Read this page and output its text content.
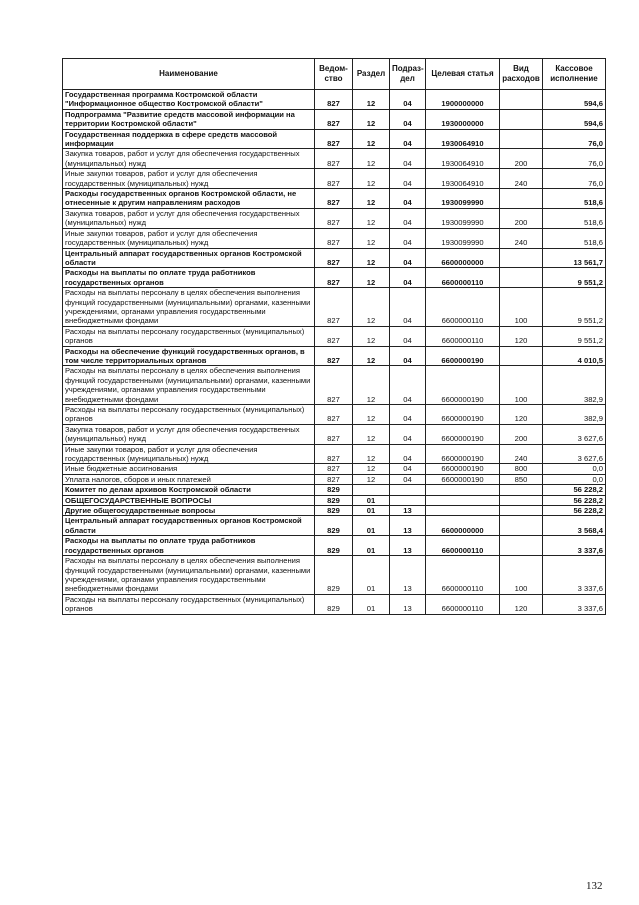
Наименование	Ведом-ство	Раздел	Подраз-дел	Целевая статья	Вид расходов	Кассовое исполнение
Государственная программа Костромской области "Информационное общество Костромской области"	827	12	04	1900000000		594,6
Подпрограмма "Развитие средств массовой информации на территории Костромской области"	827	12	04	1930000000		594,6
Государственная поддержка в сфере средств массовой информации	827	12	04	1930064910		76,0
Закупка товаров, работ и услуг для обеспечения государственных (муниципальных) нужд	827	12	04	1930064910	200	76,0
Иные закупки товаров, работ и услуг для обеспечения государственных (муниципальных) нужд	827	12	04	1930064910	240	76,0
Расходы государственных органов Костромской области, не отнесенные к другим направлениям расходов	827	12	04	1930099990		518,6
Закупка товаров, работ и услуг для обеспечения государственных (муниципальных) нужд	827	12	04	1930099990	200	518,6
Иные закупки товаров, работ и услуг для обеспечения государственных (муниципальных) нужд	827	12	04	1930099990	240	518,6
Центральный аппарат государственных органов Костромской области	827	12	04	6600000000		13 561,7
Расходы на выплаты по оплате труда работников государственных органов	827	12	04	6600000110		9 551,2
Расходы на выплаты персоналу в целях обеспечения выполнения функций государственными (муниципальными) органами, казенными учреждениями, органами управления государственными внебюджетными фондами	827	12	04	6600000110	100	9 551,2
Расходы на выплаты персоналу государственных (муниципальных) органов	827	12	04	6600000110	120	9 551,2
Расходы на обеспечение функций государственных органов, в том числе территориальных органов	827	12	04	6600000190		4 010,5
Расходы на выплаты персоналу в целях обеспечения выполнения функций государственными (муниципальными) органами, казенными учреждениями, органами управления государственными внебюджетными фондами	827	12	04	6600000190	100	382,9
Расходы на выплаты персоналу государственных (муниципальных) органов	827	12	04	6600000190	120	382,9
Закупка товаров, работ и услуг для обеспечения государственных (муниципальных) нужд	827	12	04	6600000190	200	3 627,6
Иные закупки товаров, работ и услуг для обеспечения государственных (муниципальных) нужд	827	12	04	6600000190	240	3 627,6
Иные бюджетные ассигнования	827	12	04	6600000190	800	0,0
Уплата налогов, сборов и иных платежей	827	12	04	6600000190	850	0,0
Комитет по делам архивов Костромской области	829					56 228,2
ОБЩЕГОСУДАРСТВЕННЫЕ ВОПРОСЫ	829	01				56 228,2
Другие общегосударственные вопросы	829	01	13			56 228,2
Центральный аппарат государственных органов Костромской области	829	01	13	6600000000		3 568,4
Расходы на выплаты по оплате труда работников государственных органов	829	01	13	6600000110		3 337,6
Расходы на выплаты персоналу в целях обеспечения выполнения функций государственными (муниципальными) органами, казенными учреждениями, органами управления государственными внебюджетными фондами	829	01	13	6600000110	100	3 337,6
Расходы на выплаты персоналу государственных (муниципальных) органов	829	01	13	6600000110	120	3 337,6
132
